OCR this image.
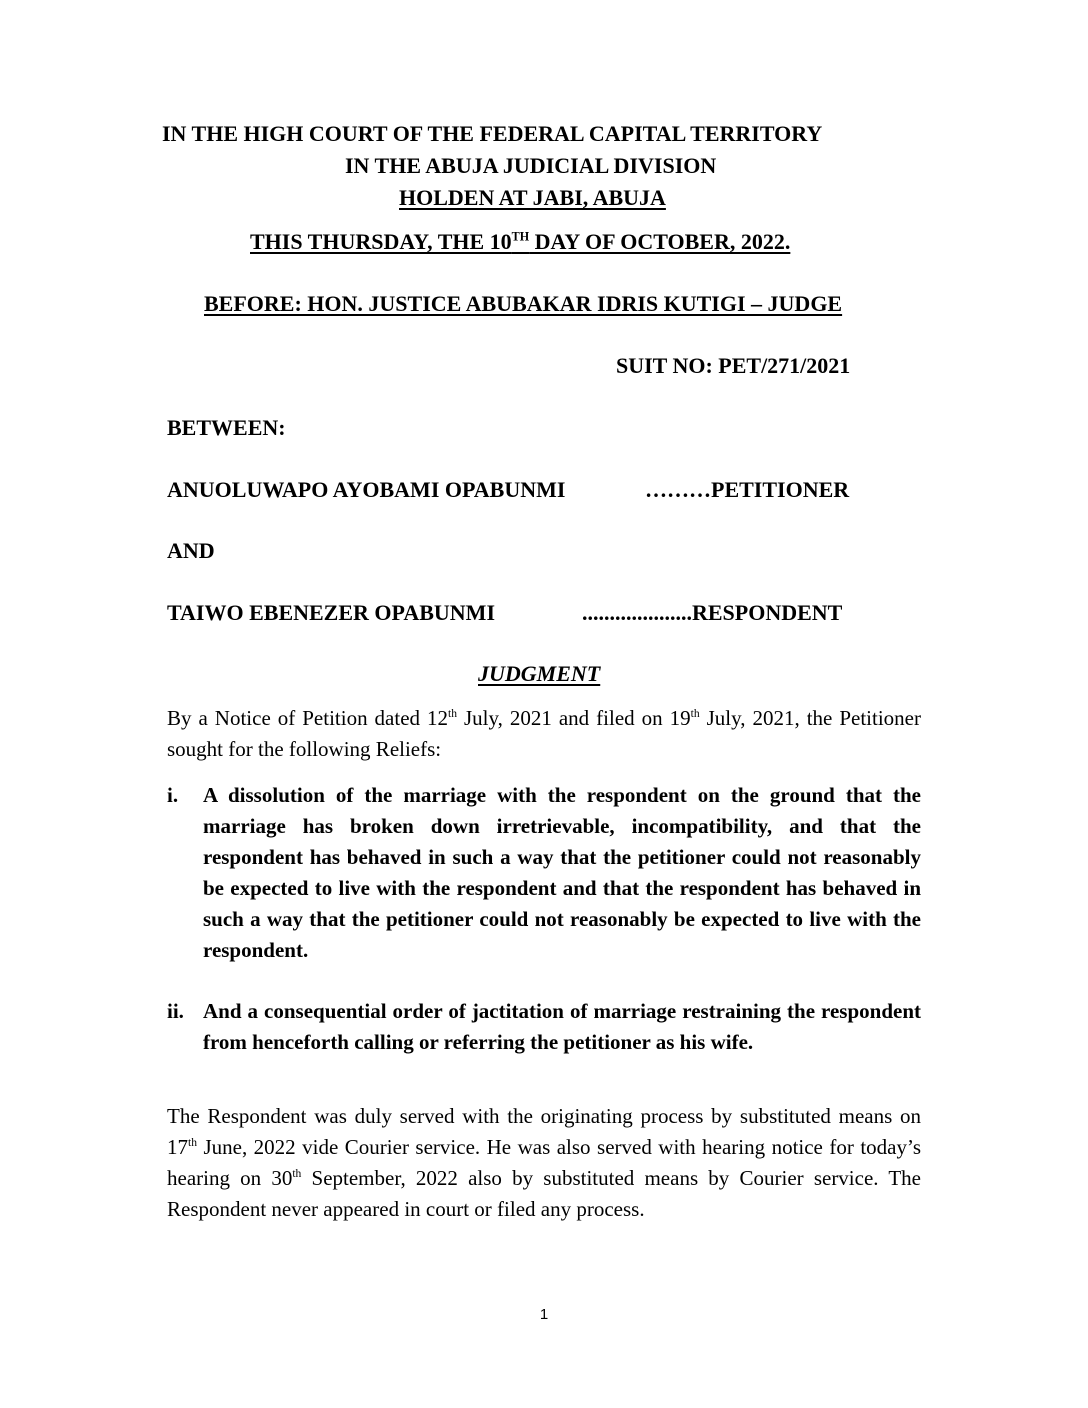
IN THE HIGH COURT OF THE FEDERAL CAPITAL TERRITORY
IN THE ABUJA JUDICIAL DIVISION
HOLDEN AT JABI, ABUJA
THIS THURSDAY, THE 10TH DAY OF OCTOBER, 2022.
BEFORE: HON. JUSTICE ABUBAKAR IDRIS KUTIGI – JUDGE
SUIT NO: PET/271/2021
BETWEEN:
ANUOLUWAPO AYOBAMI OPABUNMI	………PETITIONER
AND
TAIWO EBENEZER OPABUNMI	....................RESPONDENT
JUDGMENT
By a Notice of Petition dated 12th July, 2021 and filed on 19th July, 2021, the Petitioner sought for the following Reliefs:
i. A dissolution of the marriage with the respondent on the ground that the marriage has broken down irretrievable, incompatibility, and that the respondent has behaved in such a way that the petitioner could not reasonably be expected to live with the respondent and that the respondent has behaved in such a way that the petitioner could not reasonably be expected to live with the respondent.
ii. And a consequential order of jactitation of marriage restraining the respondent from henceforth calling or referring the petitioner as his wife.
The Respondent was duly served with the originating process by substituted means on 17th June, 2022 vide Courier service. He was also served with hearing notice for today’s hearing on 30th September, 2022 also by substituted means by Courier service. The Respondent never appeared in court or filed any process.
1
